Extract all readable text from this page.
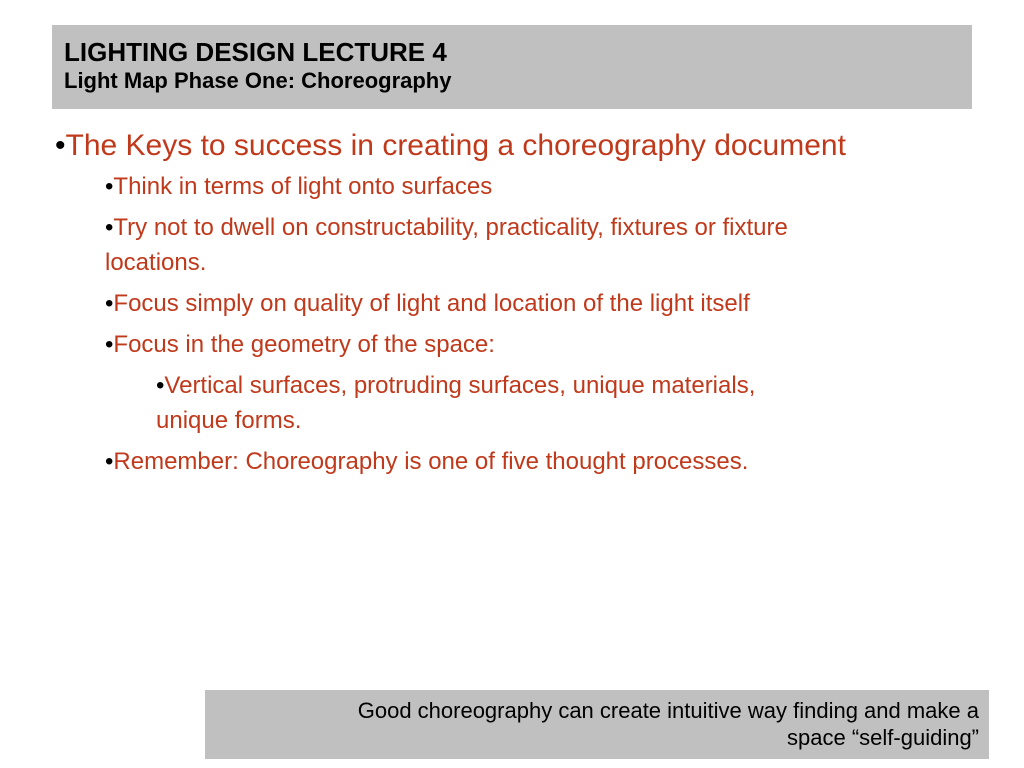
LIGHTING DESIGN LECTURE 4
Light Map Phase One: Choreography
•The Keys to success in creating a choreography document
•Think in terms of light onto surfaces
•Try not to dwell on constructability, practicality, fixtures or fixture
locations.
•Focus simply on quality of light and location of the light itself
•Focus in the geometry of the space:
•Vertical surfaces, protruding surfaces, unique materials,
unique forms.
•Remember: Choreography is one of five thought processes.
Good choreography can create intuitive way finding and make a
space “self-guiding”
